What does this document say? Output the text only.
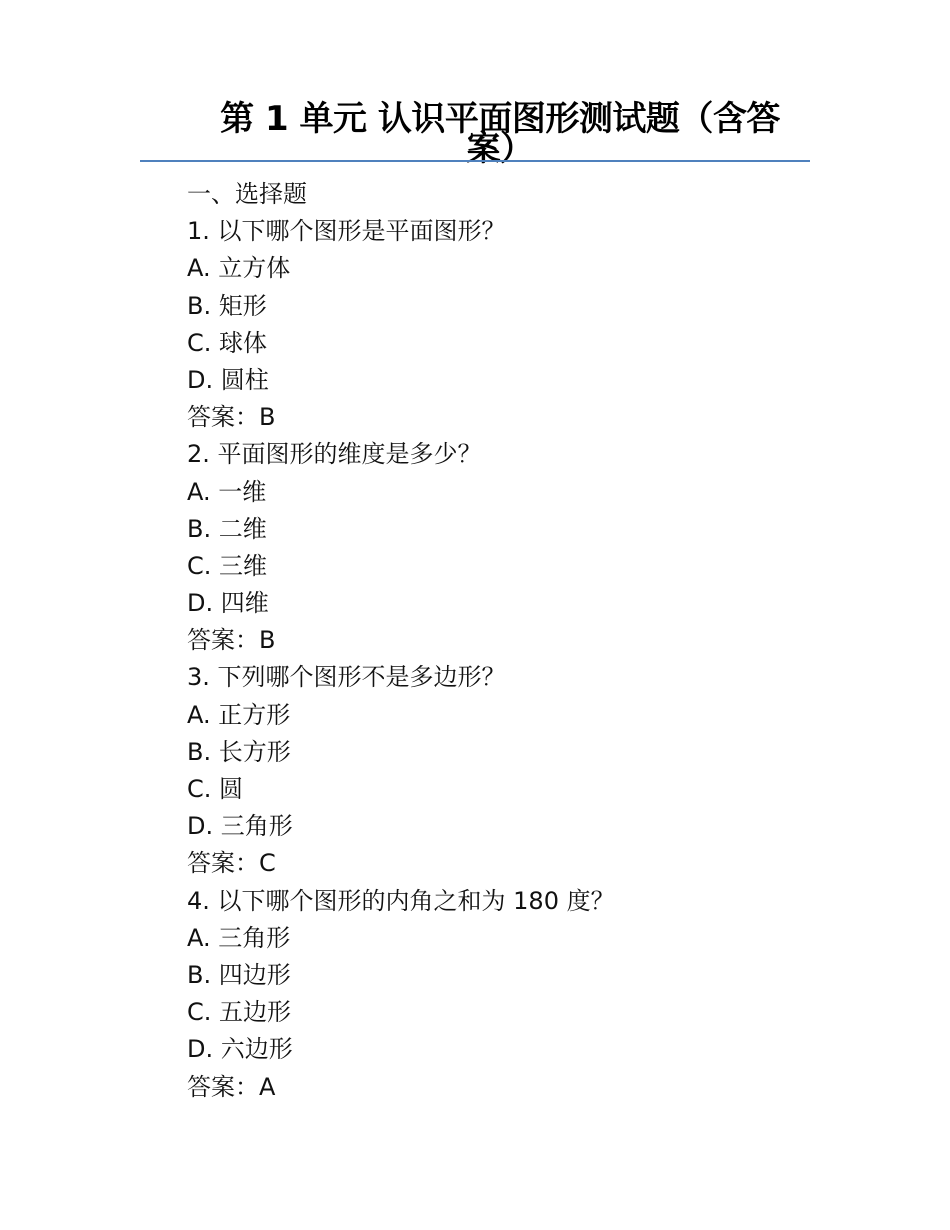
第 1 单元 认识平面图形测试题（含答案）
一、选择题
1. 以下哪个图形是平面图形？
A. 立方体
B. 矩形
C. 球体
D. 圆柱
答案：B
2. 平面图形的维度是多少？
A. 一维
B. 二维
C. 三维
D. 四维
答案：B
3. 下列哪个图形不是多边形？
A. 正方形
B. 长方形
C. 圆
D. 三角形
答案：C
4. 以下哪个图形的内角之和为 180 度？
A. 三角形
B. 四边形
C. 五边形
D. 六边形
答案：A
